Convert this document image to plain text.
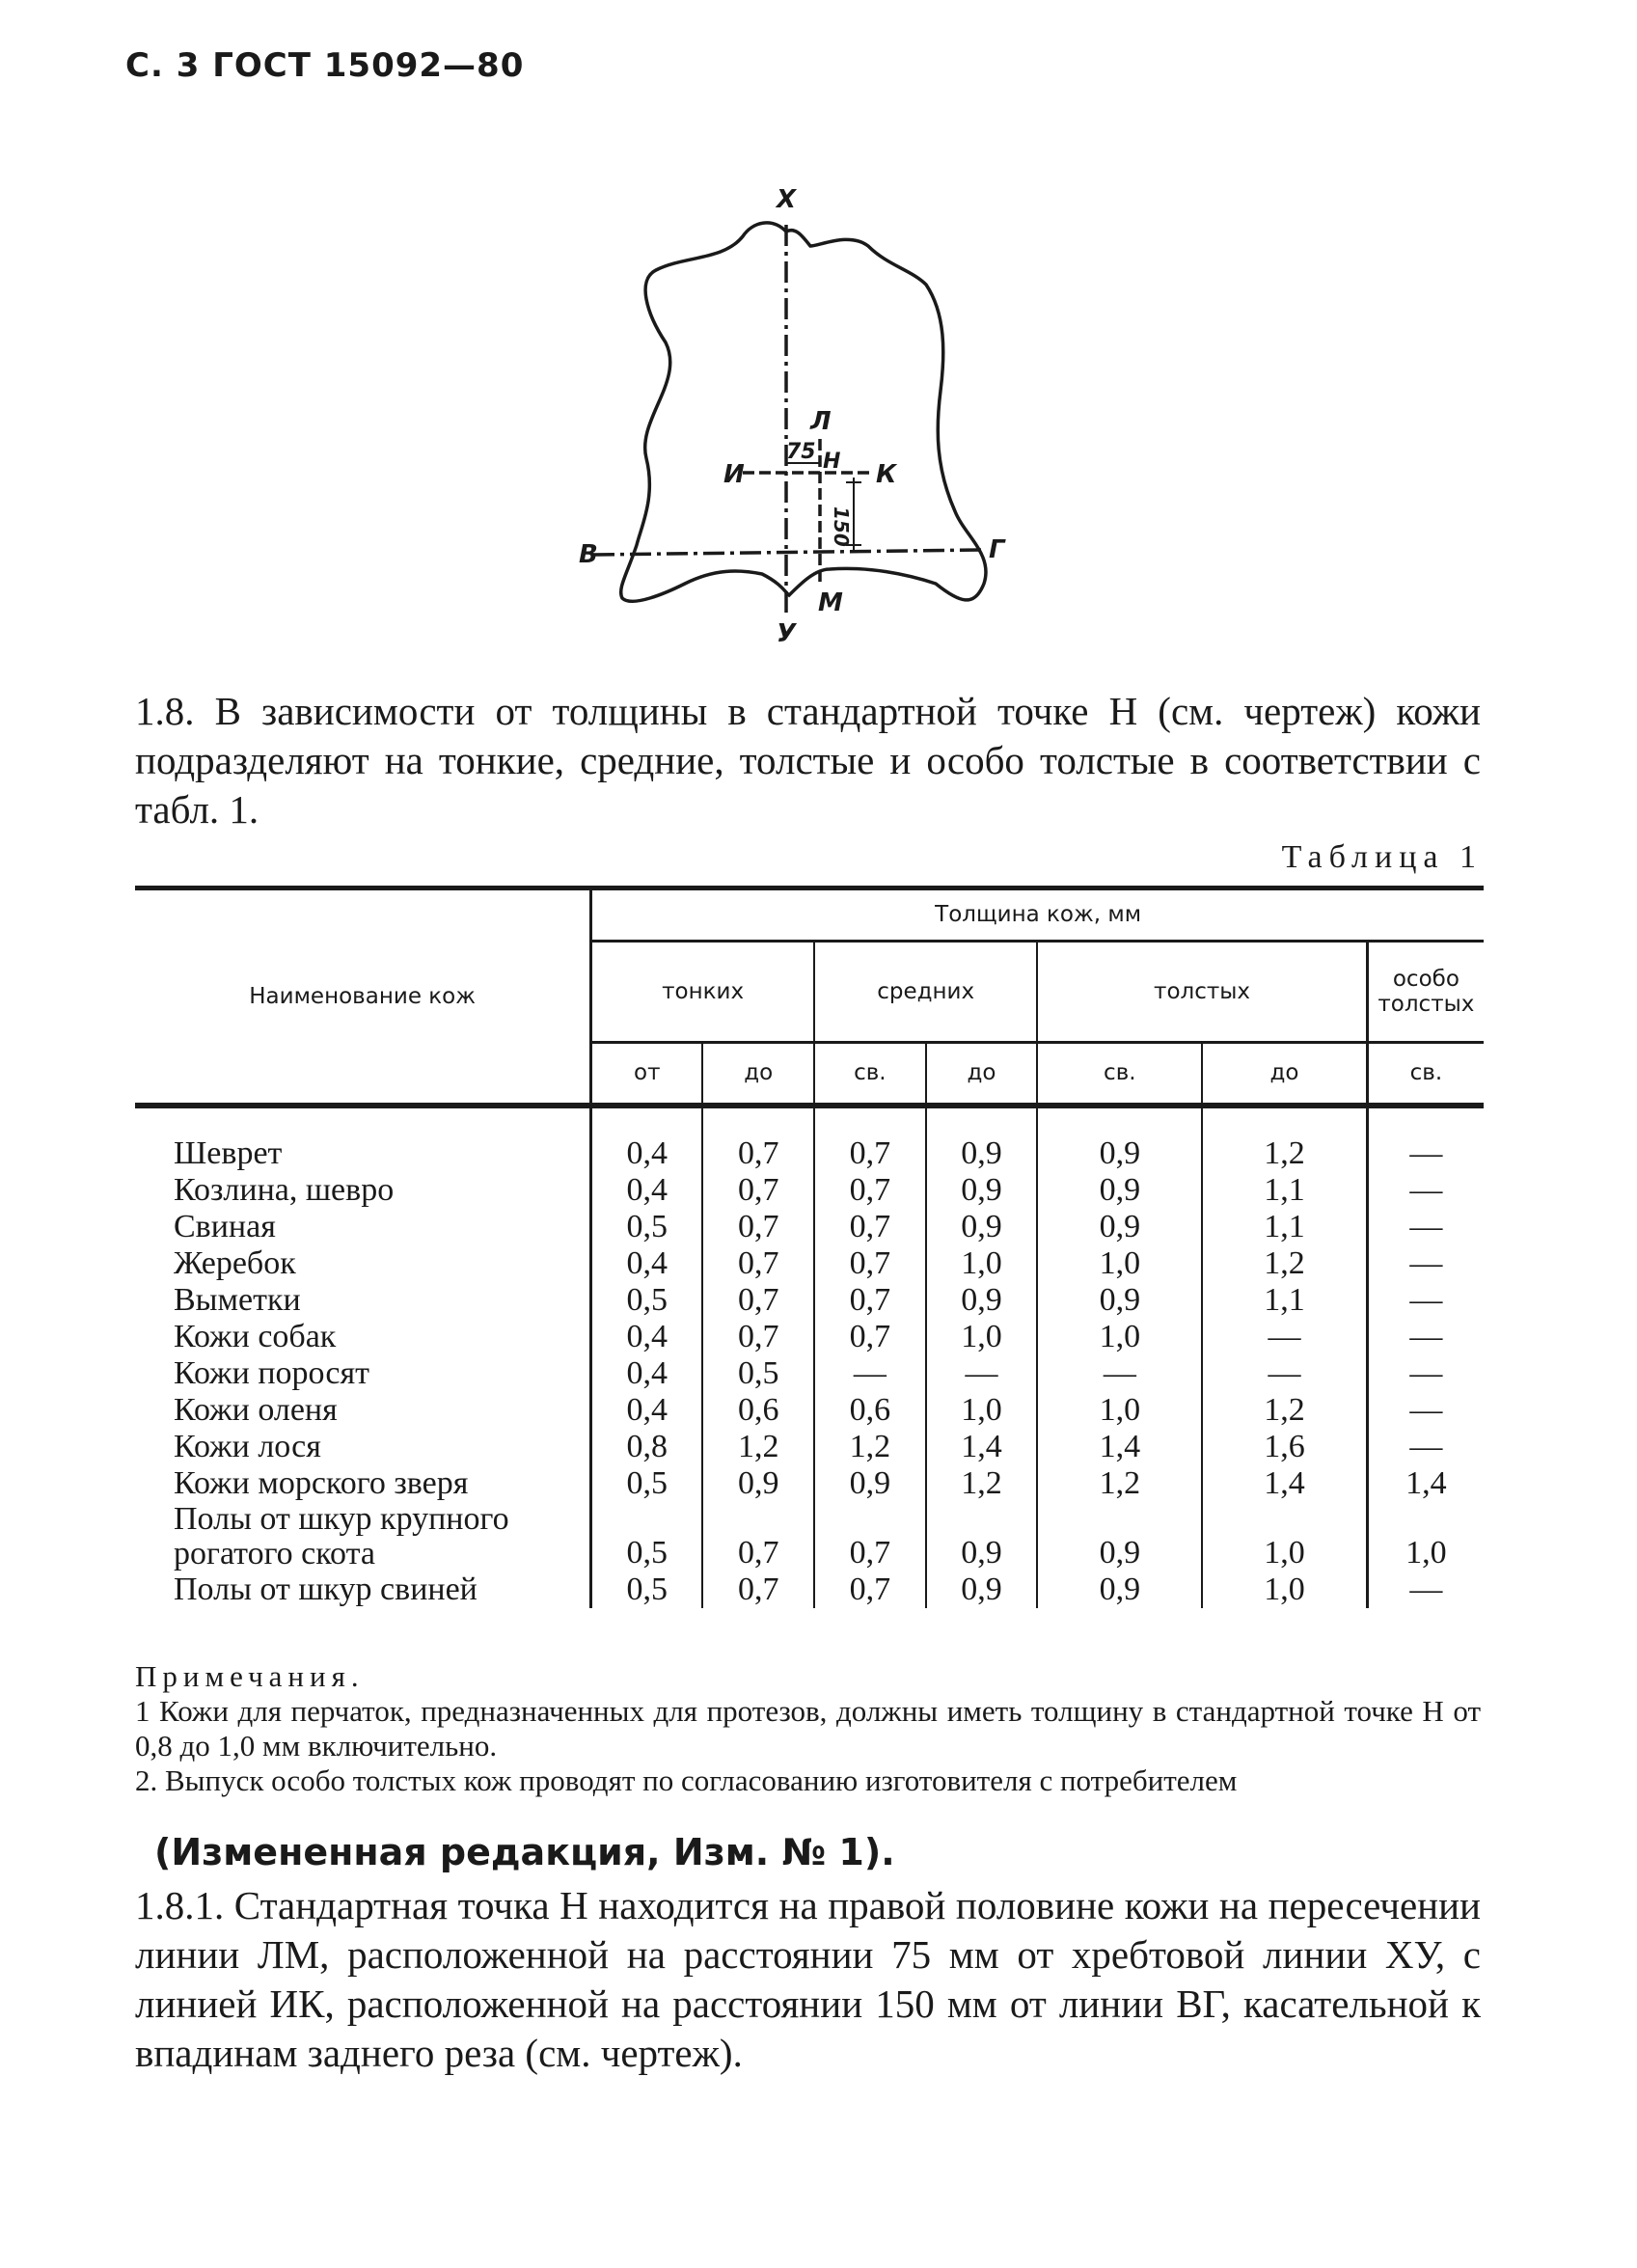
С. 3 ГОСТ 15092—80
Х
Л
75 Н
И	К
150
В	Г
М
У
1.8. В зависимости от толщины в стандартной точке Н (см. чертеж) кожи подразделяют на тонкие, средние, толстые и особо толстые в соответствии с табл. 1.
Таблица 1
Наименование кож	Толщина кож, мм						
	тонких		средних		толстых		особо толстых
	от	до	св.	до	св.	до	св.
Шеврет	0,4	0,7	0,7	0,9	0,9	1,2	—
Козлина, шевро	0,4	0,7	0,7	0,9	0,9	1,1	—
Свиная	0,5	0,7	0,7	0,9	0,9	1,1	—
Жеребок	0,4	0,7	0,7	1,0	1,0	1,2	—
Выметки	0,5	0,7	0,7	0,9	0,9	1,1	—
Кожи собак	0,4	0,7	0,7	1,0	1,0	—	—
Кожи поросят	0,4	0,5	—	—	—	—	—
Кожи оленя	0,4	0,6	0,6	1,0	1,0	1,2	—
Кожи лося	0,8	1,2	1,2	1,4	1,4	1,6	—
Кожи морского зверя	0,5	0,9	0,9	1,2	1,2	1,4	1,4
Полы от шкур крупного рогатого скота	0,5	0,7	0,7	0,9	0,9	1,0	1,0
Полы от шкур свиней	0,5	0,7	0,7	0,9	0,9	1,0	—
Примечания.
1 Кожи для перчаток, предназначенных для протезов, должны иметь толщину в стандартной точке Н от 0,8 до 1,0 мм включительно.
2. Выпуск особо толстых кож проводят по согласованию изготовителя с потребителем
(Измененная редакция, Изм. № 1).
1.8.1. Стандартная точка Н находится на правой половине кожи на пересечении линии ЛМ, расположенной на расстоянии 75 мм от хребтовой линии ХУ, с линией ИК, расположенной на расстоянии 150 мм от линии ВГ, касательной к впадинам заднего реза (см. чертеж).
